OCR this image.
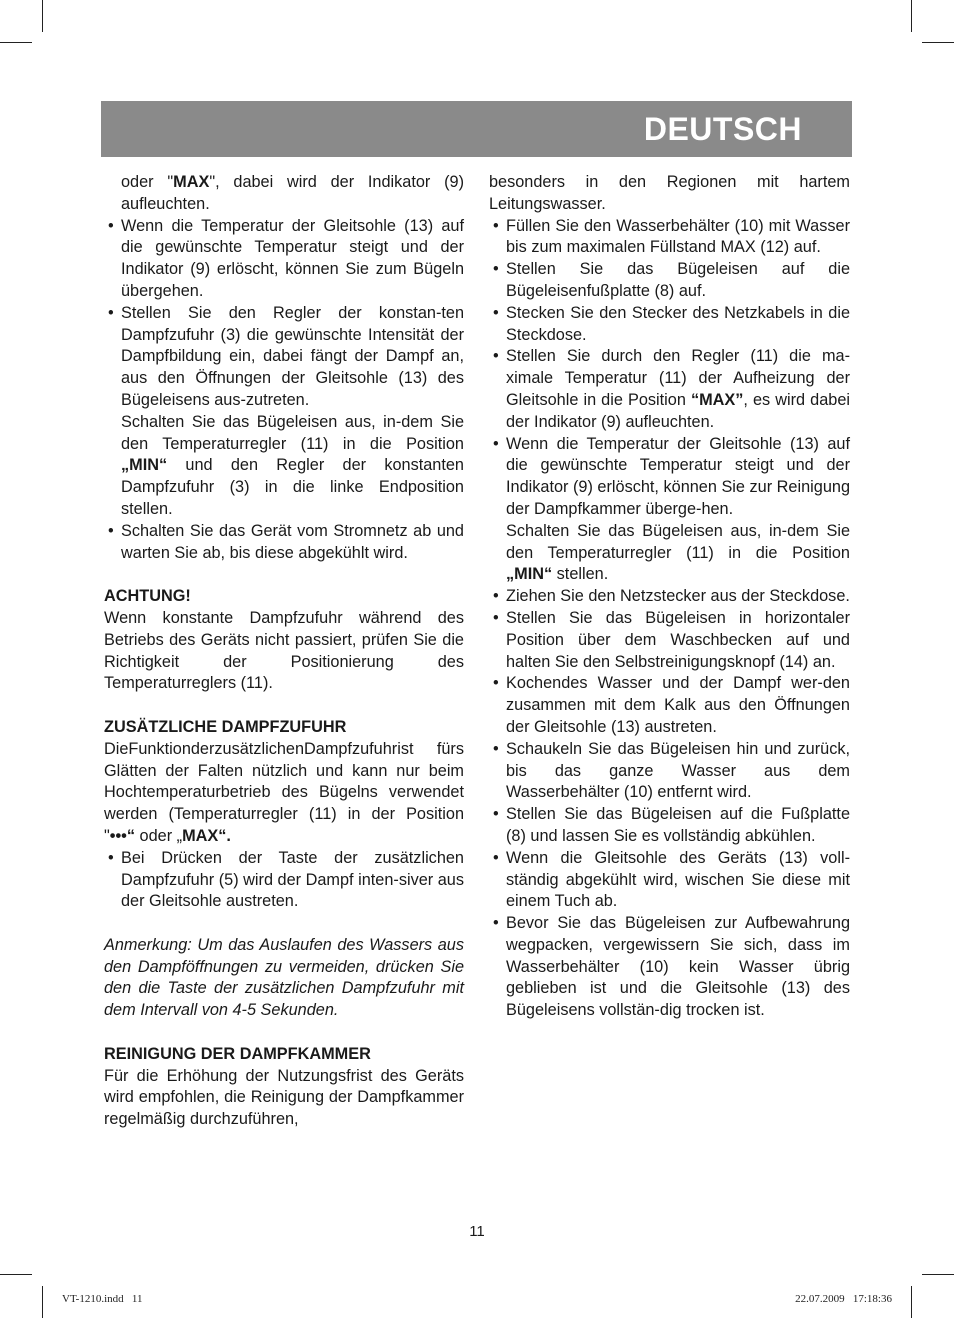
DEUTSCH

oder "MAX", dabei wird der Indikator (9) aufleuchten.

• Wenn die Temperatur der Gleitsohle (13) auf die gewünschte Temperatur steigt und der Indikator (9) erlöscht, können Sie zum Bügeln übergehen.

• Stellen Sie den Regler der konstan-ten Dampfzufuhr (3) die gewünschte Intensität der Dampfbildung ein, dabei fängt der Dampf an, aus den Öffnungen der Gleitsohle (13) des Bügeleisens aus-zutreten.

Schalten Sie das Bügeleisen aus, in-dem Sie den Temperaturregler (11) in die Position „MIN“ und den Regler der konstanten Dampfzufuhr (3) in die linke Endposition stellen.

• Schalten Sie das Gerät vom Stromnetz ab und warten Sie ab, bis diese abgekühlt wird.

ACHTUNG!

Wenn konstante Dampfzufuhr während des Betriebs des Geräts nicht passiert, prüfen Sie die Richtigkeit der Positionierung des Temperaturreglers (11).

ZUSÄTZLICHE DAMPFZUFUHR

DieFunktionderzusätzlichenDampfzufuhrist fürs Glätten der Falten nützlich und kann nur beim Hochtemperaturbetrieb des Bügelns verwendet werden (Temperaturregler (11) in der Position "•••“ oder „MAX“.

• Bei Drücken der Taste der zusätzlichen Dampfzufuhr (5) wird der Dampf inten-siver aus der Gleitsohle austreten.

Anmerkung: Um das Auslaufen des Wassers aus den Dampföffnungen zu vermeiden, drücken Sie den die Taste der zusätzlichen Dampfzufuhr mit dem Intervall von 4-5 Sekunden.

REINIGUNG DER DAMPFKAMMER

Für die Erhöhung der Nutzungsfrist des Geräts wird empfohlen, die Reinigung der Dampfkammer regelmäßig durchzuführen,

besonders in den Regionen mit hartem Leitungswasser.

• Füllen Sie den Wasserbehälter (10) mit Wasser bis zum maximalen Füllstand MAX (12) auf.

• Stellen Sie das Bügeleisen auf die Bügeleisenfußplatte (8) auf.

• Stecken Sie den Stecker des Netzkabels in die Steckdose.

• Stellen Sie durch den Regler (11) die ma-ximale Temperatur (11) der Aufheizung der Gleitsohle in die Position “MAX”, es wird dabei der Indikator (9) aufleuchten.

• Wenn die Temperatur der Gleitsohle (13) auf die gewünschte Temperatur steigt und der Indikator (9) erlöscht, können Sie zur Reinigung der Dampfkammer überge-hen.

Schalten Sie das Bügeleisen aus, in-dem Sie den Temperaturregler (11) in die Position „MIN“ stellen.

• Ziehen Sie den Netzstecker aus der Steckdose.

• Stellen Sie das Bügeleisen in horizontaler Position über dem Waschbecken auf und halten Sie den Selbstreinigungsknopf (14) an.

• Kochendes Wasser und der Dampf wer-den zusammen mit dem Kalk aus den Öffnungen der Gleitsohle (13) austreten.

• Schaukeln Sie das Bügeleisen hin und zurück, bis das ganze Wasser aus dem Wasserbehälter (10) entfernt wird.

• Stellen Sie das Bügeleisen auf die Fußplatte (8) und lassen Sie es vollständig abkühlen.

• Wenn die Gleitsohle des Geräts (13) voll-ständig abgekühlt wird, wischen Sie diese mit einem Tuch ab.

• Bevor Sie das Bügeleisen zur Aufbewahrung wegpacken, vergewissern Sie sich, dass im Wasserbehälter (10) kein Wasser übrig geblieben ist und die Gleitsohle (13) des Bügeleisens vollstän-dig trocken ist.

11
VT-1210.indd   11	22.07.2009   17:18:36
